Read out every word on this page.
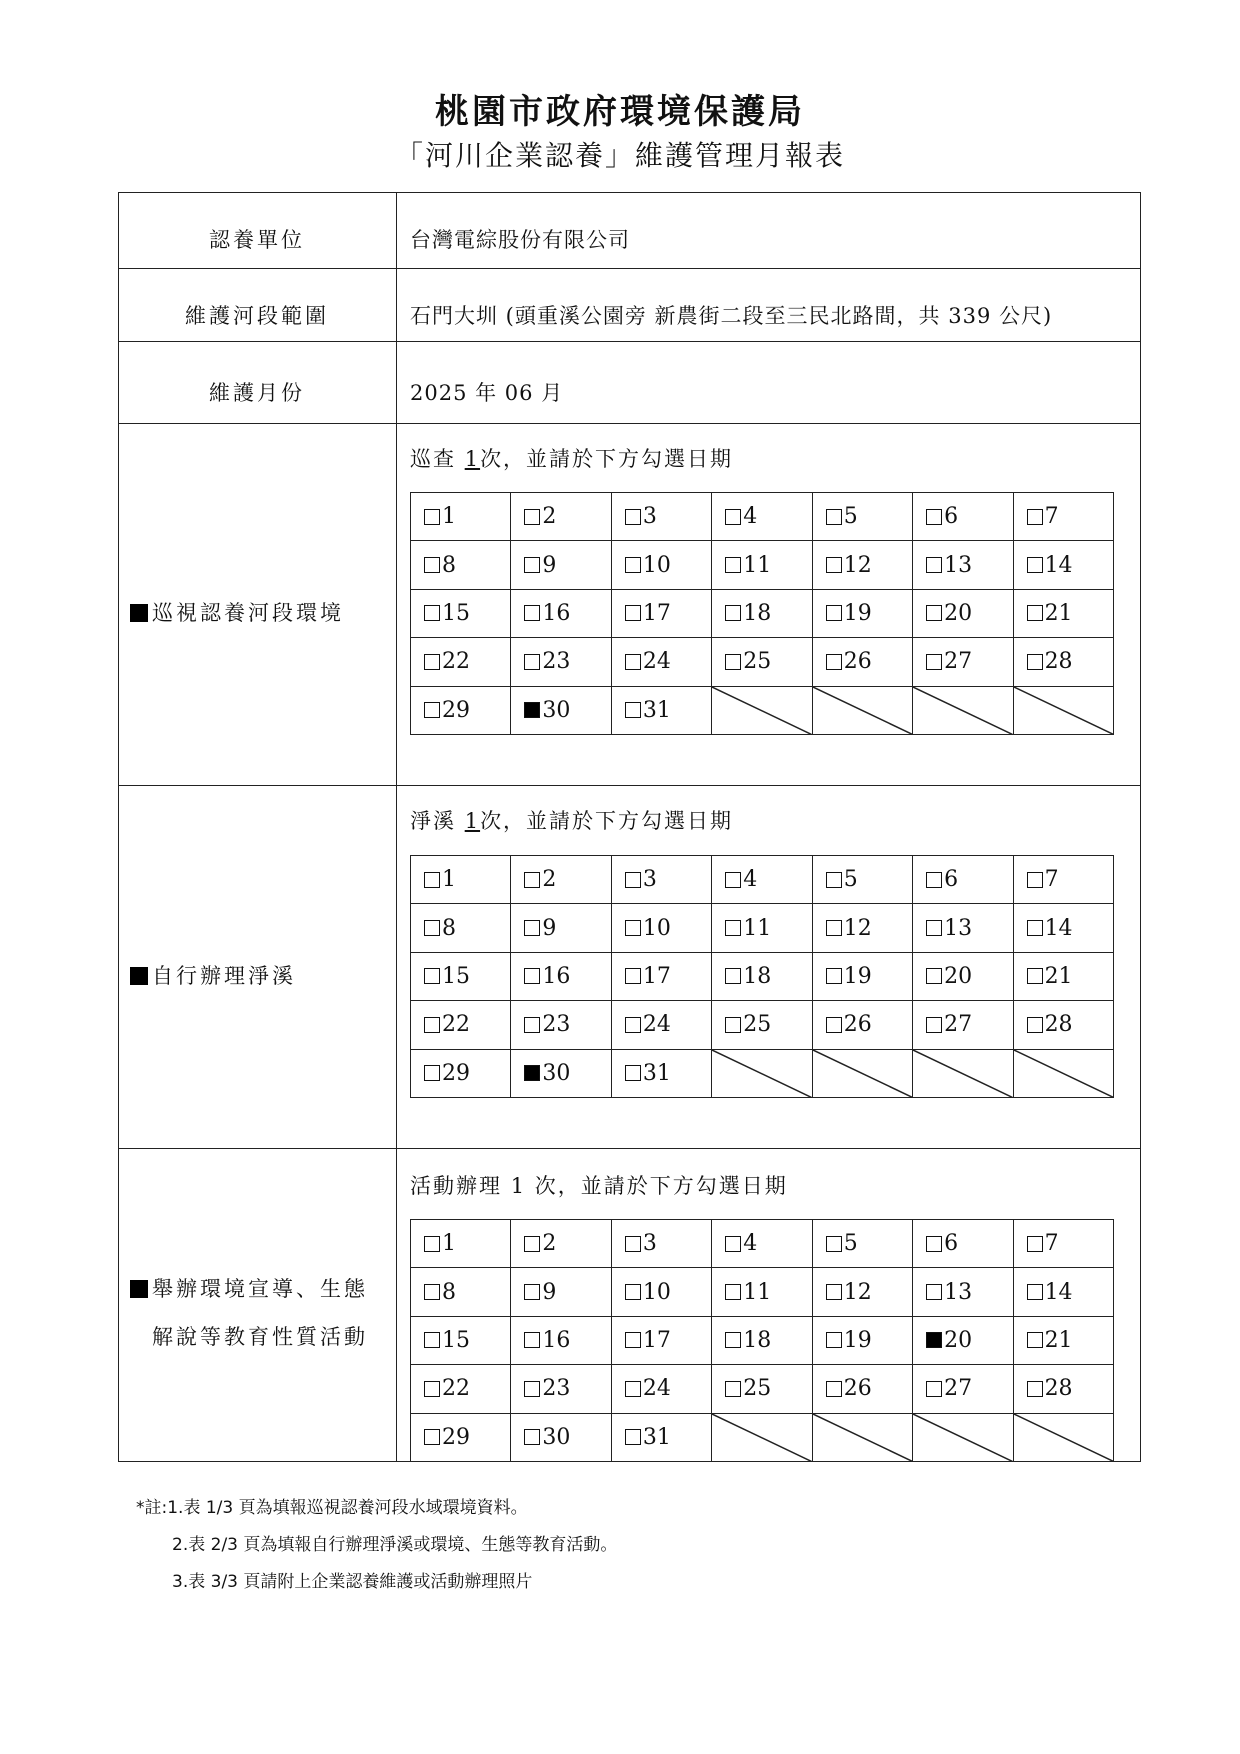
桃園市政府環境保護局
「河川企業認養」維護管理月報表
認養單位	台灣電綜股份有限公司
維護河段範圍	石門大圳 (頭重溪公園旁 新農街二段至三民北路間，共 339 公尺)
維護月份	2025 年 06 月
巡視認養河段環境
巡查 1次，並請於下方勾選日期
1	2	3	4	5	6	7
8	9	10	11	12	13	14
15	16	17	18	19	20	21
22	23	24	25	26	27	28
29	30	31
自行辦理淨溪
淨溪 1次，並請於下方勾選日期
1	2	3	4	5	6	7
8	9	10	11	12	13	14
15	16	17	18	19	20	21
22	23	24	25	26	27	28
29	30	31
舉辦環境宣導、生態
解說等教育性質活動
活動辦理 1 次，並請於下方勾選日期
1	2	3	4	5	6	7
8	9	10	11	12	13	14
15	16	17	18	19	20	21
22	23	24	25	26	27	28
29	30	31
*註:1.表 1/3 頁為填報巡視認養河段水域環境資料。
2.表 2/3 頁為填報自行辦理淨溪或環境、生態等教育活動。
3.表 3/3 頁請附上企業認養維護或活動辦理照片
